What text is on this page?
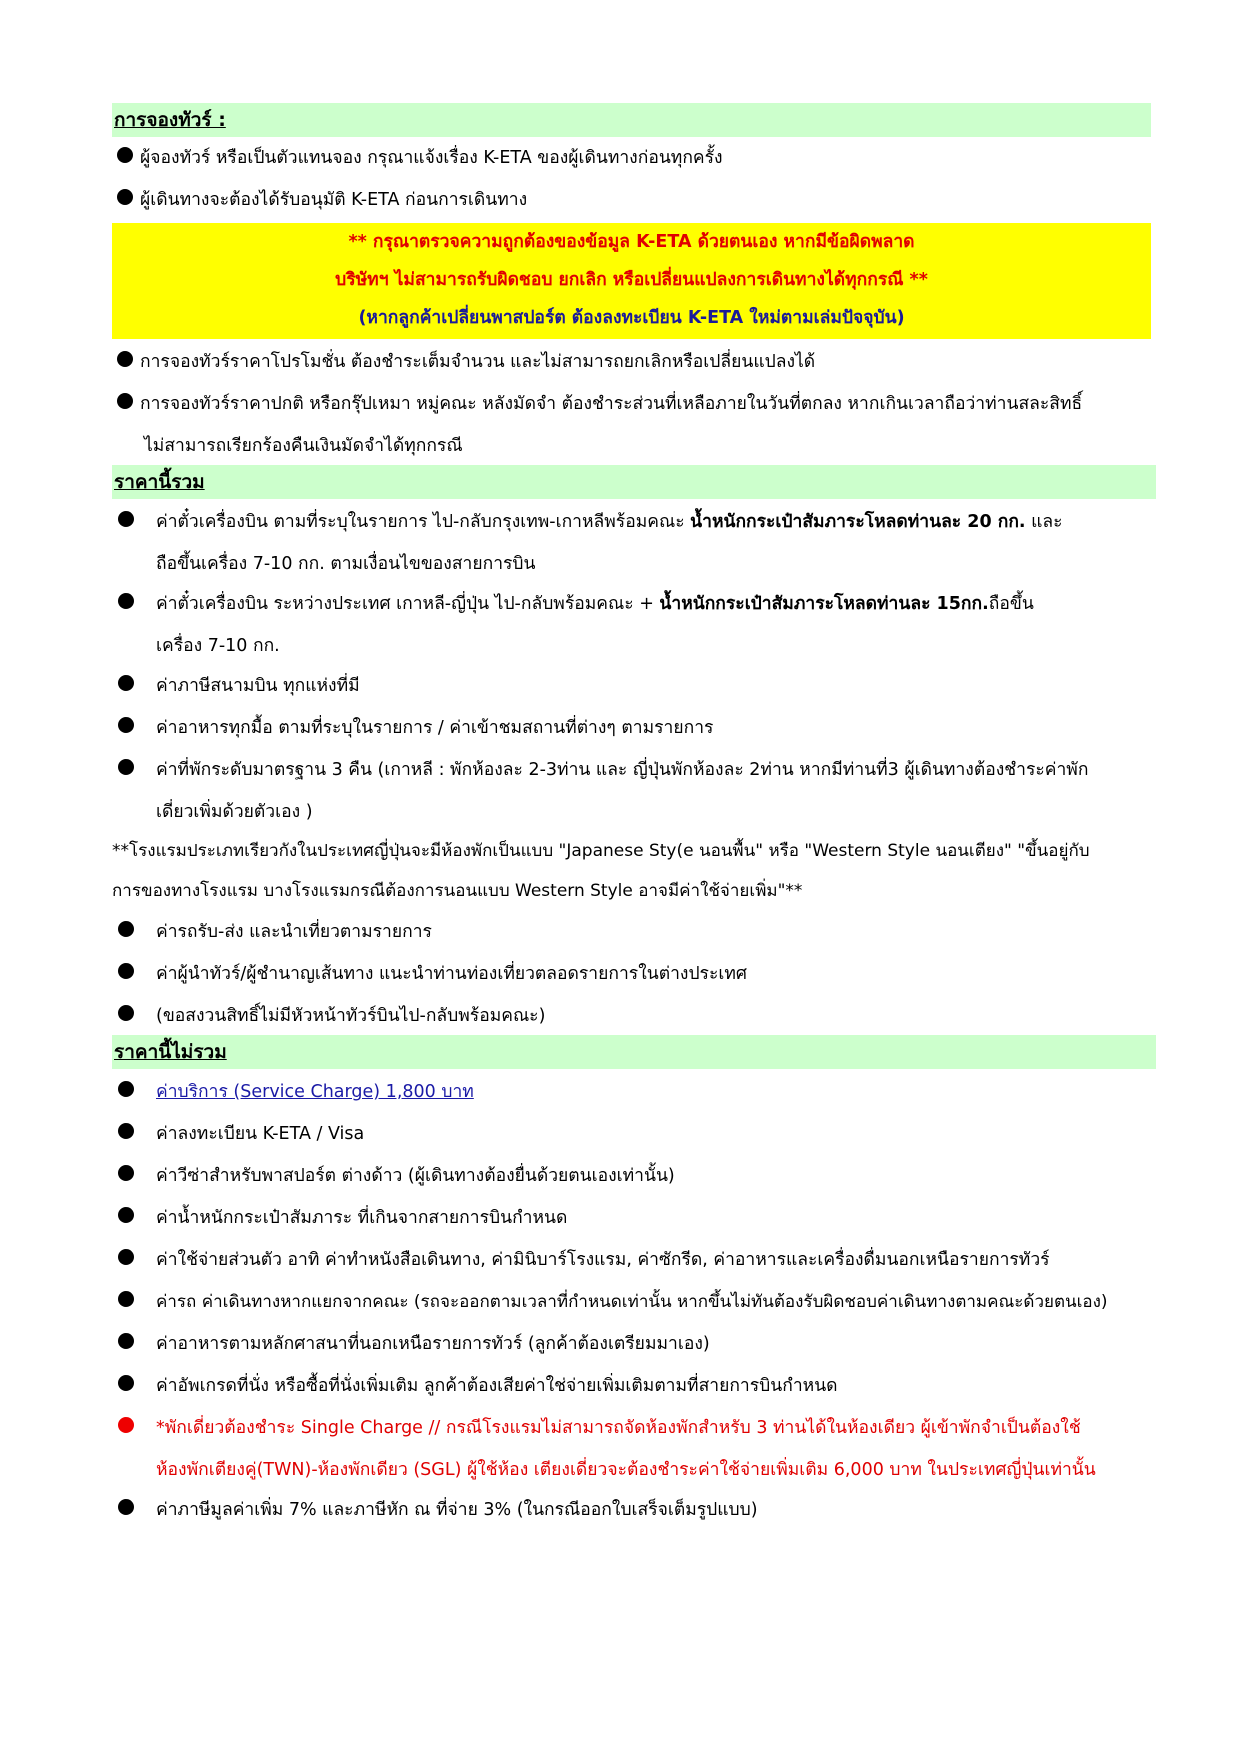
การจองทัวร์ :
ผู้จองทัวร์ หรือเป็นตัวแทนจอง กรุณาแจ้งเรื่อง K-ETA ของผู้เดินทางก่อนทุกครั้ง
ผู้เดินทางจะต้องได้รับอนุมัติ K-ETA ก่อนการเดินทาง
** กรุณาตรวจความถูกต้องของข้อมูล K-ETA ด้วยตนเอง หากมีข้อผิดพลาด
บริษัทฯ ไม่สามารถรับผิดชอบ ยกเลิก หรือเปลี่ยนแปลงการเดินทางได้ทุกกรณี **
(หากลูกค้าเปลี่ยนพาสปอร์ต ต้องลงทะเบียน K-ETA ใหม่ตามเล่มปัจจุบัน)
การจองทัวร์ราคาโปรโมชั่น ต้องชำระเต็มจำนวน และไม่สามารถยกเลิกหรือเปลี่ยนแปลงได้
การจองทัวร์ราคาปกติ หรือกรุ๊ปเหมา หมู่คณะ หลังมัดจำ ต้องชำระส่วนที่เหลือภายในวันที่ตกลง หากเกินเวลาถือว่าท่านสละสิทธิ์
ไม่สามารถเรียกร้องคืนเงินมัดจำได้ทุกกรณี
ราคานี้รวม
ค่าตั๋วเครื่องบิน ตามที่ระบุในรายการ ไป-กลับกรุงเทพ-เกาหลีพร้อมคณะ น้ำหนักกระเป๋าสัมภาระโหลดท่านละ 20 กก. และ
ถือขึ้นเครื่อง 7-10 กก. ตามเงื่อนไขของสายการบิน
ค่าตั๋วเครื่องบิน ระหว่างประเทศ เกาหลี-ญี่ปุ่น ไป-กลับพร้อมคณะ + น้ำหนักกระเป๋าสัมภาระโหลดท่านละ 15กก.ถือขึ้น
เครื่อง 7-10 กก.
ค่าภาษีสนามบิน ทุกแห่งที่มี
ค่าอาหารทุกมื้อ ตามที่ระบุในรายการ / ค่าเข้าชมสถานที่ต่างๆ ตามรายการ
ค่าที่พักระดับมาตรฐาน 3 คืน (เกาหลี : พักห้องละ 2-3ท่าน และ ญี่ปุ่นพักห้องละ 2ท่าน หากมีท่านที่3 ผู้เดินทางต้องชำระค่าพัก
เดี่ยวเพิ่มด้วยตัวเอง )
**โรงแรมประเภทเรียวกังในประเทศญี่ปุ่นจะมีห้องพักเป็นแบบ "Japanese Sty(e นอนพื้น" หรือ "Western Style นอนเตียง" "ขึ้นอยู่กับ
การของทางโรงแรม บางโรงแรมกรณีต้องการนอนแบบ Western Style อาจมีค่าใช้จ่ายเพิ่ม"**
ค่ารถรับ-ส่ง และนำเที่ยวตามรายการ
ค่าผู้นำทัวร์/ผู้ชำนาญเส้นทาง แนะนำท่านท่องเที่ยวตลอดรายการในต่างประเทศ
(ขอสงวนสิทธิ์ไม่มีหัวหน้าทัวร์บินไป-กลับพร้อมคณะ)
ราคานี้ไม่รวม
ค่าบริการ (Service Charge) 1,800 บาท
ค่าลงทะเบียน K-ETA / Visa
ค่าวีซ่าสำหรับพาสปอร์ต ต่างด้าว (ผู้เดินทางต้องยื่นด้วยตนเองเท่านั้น)
ค่าน้ำหนักกระเป๋าสัมภาระ ที่เกินจากสายการบินกำหนด
ค่าใช้จ่ายส่วนตัว อาทิ ค่าทำหนังสือเดินทาง, ค่ามินิบาร์โรงแรม, ค่าซักรีด, ค่าอาหารและเครื่องดื่มนอกเหนือรายการทัวร์
ค่ารถ ค่าเดินทางหากแยกจากคณะ (รถจะออกตามเวลาที่กำหนดเท่านั้น หากขึ้นไม่ทันต้องรับผิดชอบค่าเดินทางตามคณะด้วยตนเอง)
ค่าอาหารตามหลักศาสนาที่นอกเหนือรายการทัวร์ (ลูกค้าต้องเตรียมมาเอง)
ค่าอัพเกรดที่นั่ง หรือซื้อที่นั่งเพิ่มเติม ลูกค้าต้องเสียค่าใช่จ่ายเพิ่มเติมตามที่สายการบินกำหนด
*พักเดี่ยวต้องชำระ Single Charge // กรณีโรงแรมไม่สามารถจัดห้องพักสำหรับ 3 ท่านได้ในห้องเดียว ผู้เข้าพักจำเป็นต้องใช้
ห้องพักเตียงคู่(TWN)-ห้องพักเดียว (SGL) ผู้ใช้ห้อง เตียงเดี่ยวจะต้องชำระค่าใช้จ่ายเพิ่มเติม 6,000 บาท ในประเทศญี่ปุ่นเท่านั้น
ค่าภาษีมูลค่าเพิ่ม 7% และภาษีหัก ณ ที่จ่าย 3% (ในกรณีออกใบเสร็จเต็มรูปแบบ)
